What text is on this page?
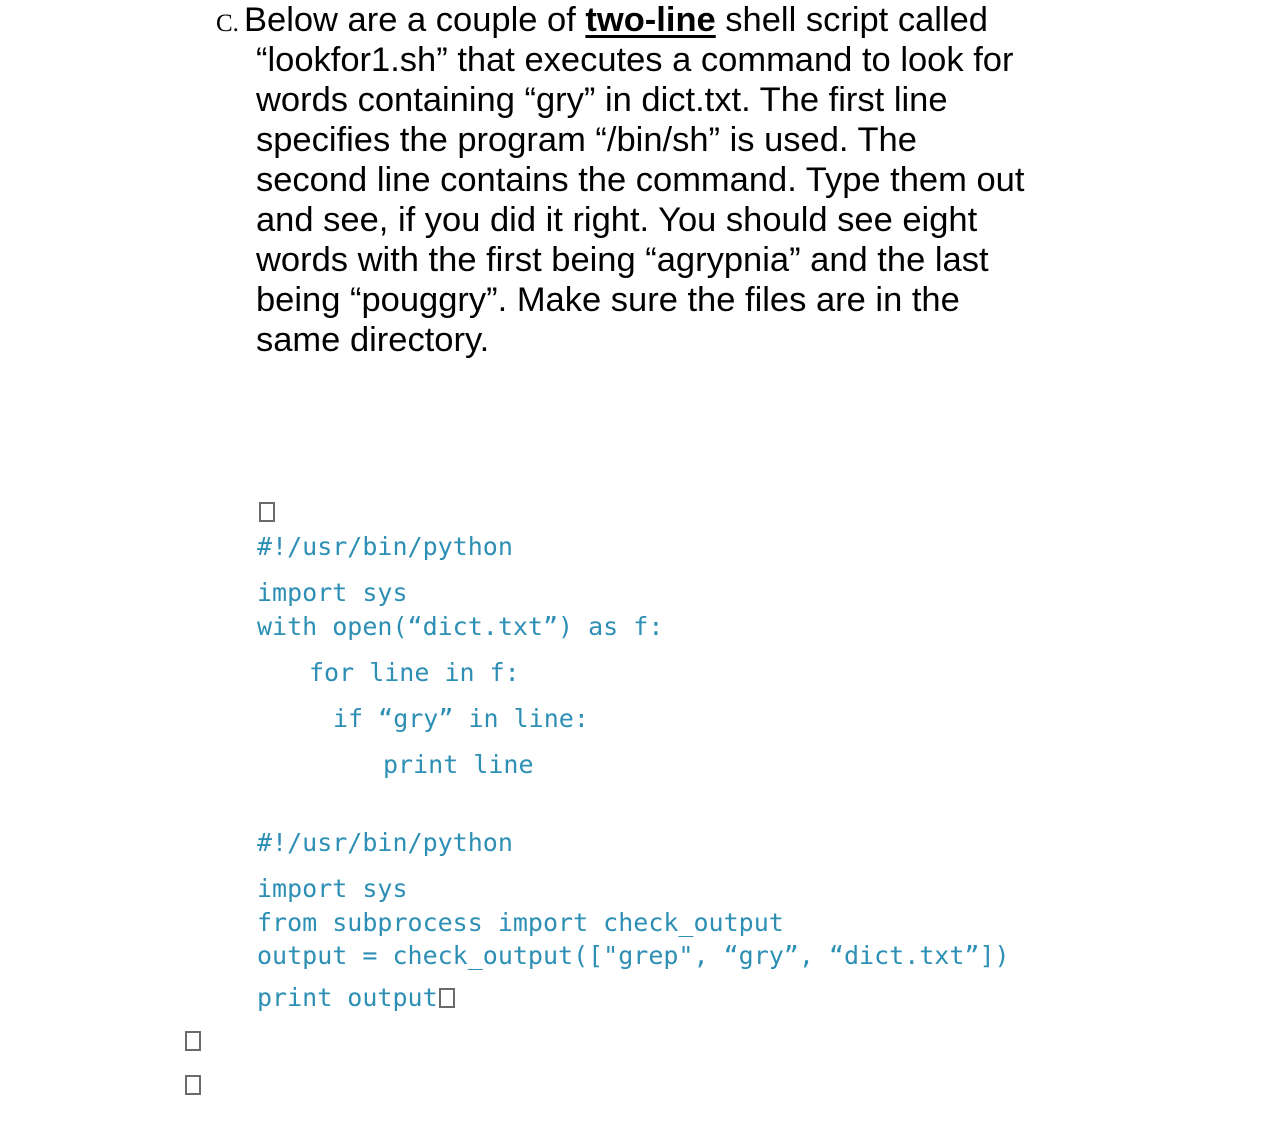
C. Below are a couple of two-line shell script called
“lookfor1.sh” that executes a command to look for
words containing “gry” in dict.txt. The first line
specifies the program “/bin/sh” is used. The
second line contains the command. Type them out
and see, if you did it right. You should see eight
words with the first being “agrypnia” and the last
being “pouggry”. Make sure the files are in the
same directory.
#!/usr/bin/python
import sys
with open(“dict.txt”) as f:
for line in f:
if “gry” in line:
print line
#!/usr/bin/python
import sys
from subprocess import check_output
output = check_output(["grep", “gry”, “dict.txt”])
print output
